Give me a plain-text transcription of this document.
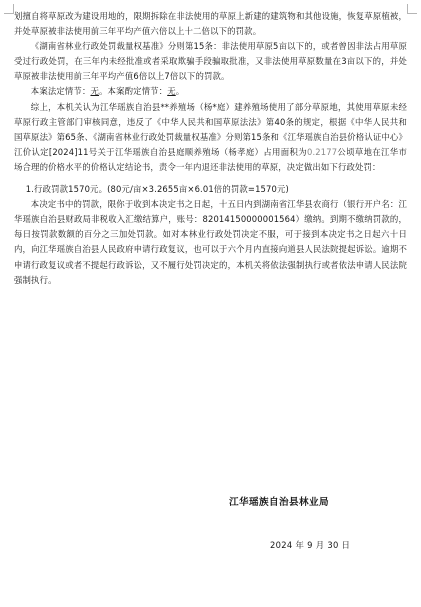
划擅自将草原改为建设用地的，限期拆除在非法使用的草原上新建的建筑物和其他设施，恢复草原植被，并处草原被非法使用前三年平均产值六倍以上十二倍以下的罚款。

《湖南省林业行政处罚裁量权基准》分则第15条：非法使用草原5亩以下的，或者曾因非法占用草原受过行政处罚，在三年内未经批准或者采取欺骗手段骗取批准，又非法使用草原数量在3亩以下的，并处草原被非法使用前三年平均产值6倍以上7倍以下的罚款。

本案法定情节：无。本案酌定情节：无。

综上，本机关认为江华瑶族自治县**养殖场（杨*庭）建养殖场使用了部分草原地，其使用草原未经草原行政主管部门审核同意，违反了《中华人民共和国草原法法》第40条的规定，根据《中华人民共和国草原法》第65条、《湖南省林业行政处罚裁量权基准》分则第15条和《江华瑶族自治县价格认证中心》江价认定[2024]11号关于江华瑶族自治县庭顺养殖场（杨孝庭）占用面积为0.2177公顷草地在江华市场合理的价格水平的价格认定结论书，责令一年内退还非法使用的草原，决定做出如下行政处罚：

1.行政罚款1570元。(80元/亩×3.2655亩×6.01倍的罚款=1570元)

本决定书中的罚款，限你于收到本决定书之日起，十五日内到湖南省江华县农商行（银行开户名：江华瑶族自治县财政局非税收入汇缴结算户，账号：82014150000001564）缴纳。到期不缴纳罚款的，每日按罚款数额的百分之三加处罚款。如对本林业行政处罚决定不服，可于接到本决定书之日起六十日内，向江华瑶族自治县人民政府申请行政复议，也可以于六个月内直接向道县人民法院提起诉讼。逾期不申请行政复议或者不提起行政诉讼，又不履行处罚决定的，本机关将依法强制执行或者依法申请人民法院强制执行。

江华瑶族自治县林业局
2024 年 9 月 30 日
